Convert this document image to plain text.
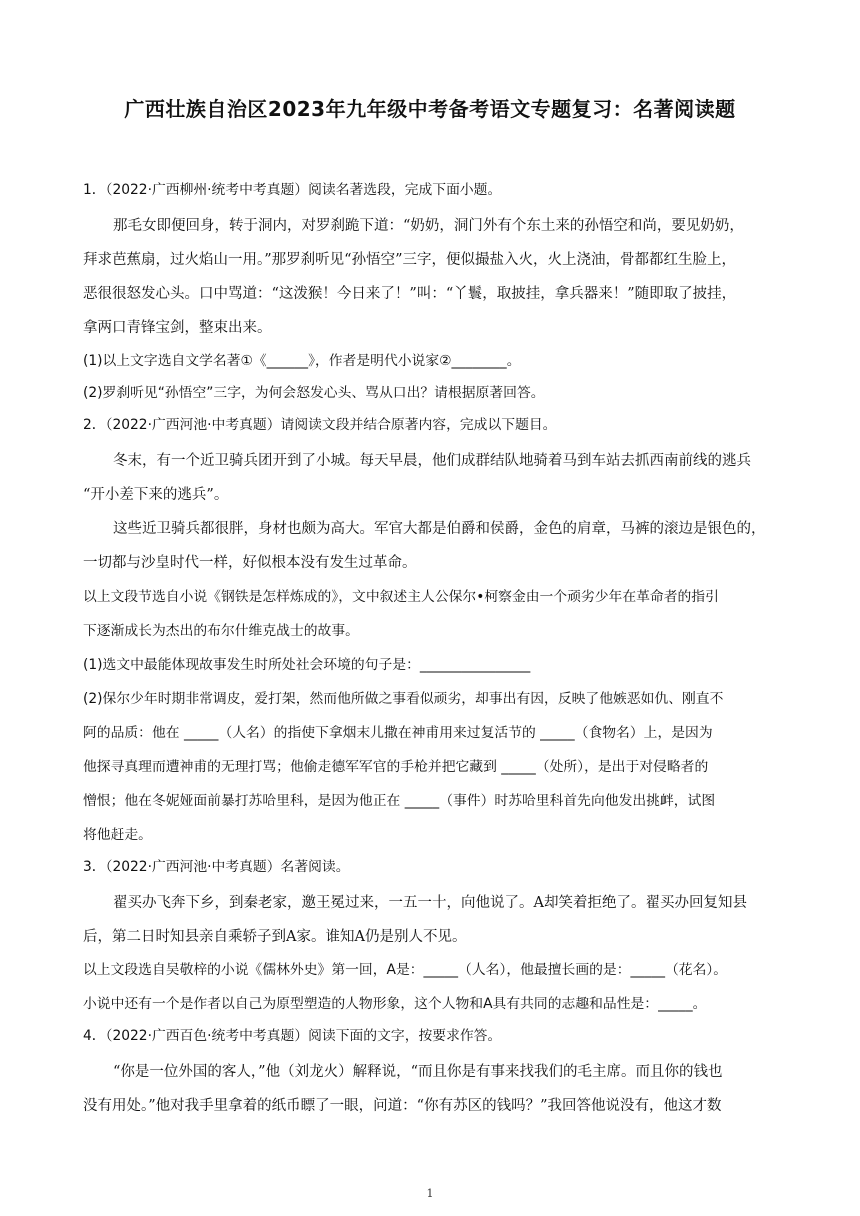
广西壮族自治区2023年九年级中考备考语文专题复习：名著阅读题
1．（2022·广西柳州·统考中考真题）阅读名著选段，完成下面小题。
那毛女即便回身，转于洞内，对罗刹跪下道：“奶奶，洞门外有个东土来的孙悟空和尚，要见奶奶，
拜求芭蕉扇，过火焰山一用。”那罗刹听见“孙悟空”三字，便似撮盐入火，火上浇油，骨都都红生脸上，
恶很很怒发心头。口中骂道：“这泼猴！今日来了！”叫：“丫鬟，取披挂，拿兵器来！”随即取了披挂，
拿两口青锋宝剑，整束出来。
(1)以上文字选自文学名著①《______》，作者是明代小说家②________。
(2)罗刹听见“孙悟空”三字，为何会怒发心头、骂从口出？请根据原著回答。
2．（2022·广西河池·中考真题）请阅读文段并结合原著内容，完成以下题目。
冬末，有一个近卫骑兵团开到了小城。每天早晨，他们成群结队地骑着马到车站去抓西南前线的逃兵
“开小差下来的逃兵”。
这些近卫骑兵都很胖，身材也颇为高大。军官大都是伯爵和侯爵，金色的肩章，马裤的滚边是银色的，
一切都与沙皇时代一样，好似根本没有发生过革命。
以上文段节选自小说《钢铁是怎样炼成的》，文中叙述主人公保尔•柯察金由一个顽劣少年在革命者的指引
下逐渐成长为杰出的布尔什维克战士的故事。
(1)选文中最能体现故事发生时所处社会环境的句子是：________________
(2)保尔少年时期非常调皮，爱打架，然而他所做之事看似顽劣，却事出有因，反映了他嫉恶如仇、刚直不
阿的品质：他在 _____（人名）的指使下拿烟末儿撒在神甫用来过复活节的 _____（食物名）上，是因为
他探寻真理而遭神甫的无理打骂；他偷走德军军官的手枪并把它藏到 _____（处所），是出于对侵略者的
憎恨；他在冬妮娅面前暴打苏哈里科，是因为他正在 _____（事件）时苏哈里科首先向他发出挑衅，试图
将他赶走。
3．（2022·广西河池·中考真题）名著阅读。
翟买办飞奔下乡，到秦老家，邀王冕过来，一五一十，向他说了。A却笑着拒绝了。翟买办回复知县
后，第二日时知县亲自乘轿子到A家。谁知A仍是别人不见。
以上文段选自吴敬梓的小说《儒林外史》第一回，A是：_____（人名），他最擅长画的是：_____（花名）。
小说中还有一个是作者以自己为原型塑造的人物形象，这个人物和A具有共同的志趣和品性是：_____。
4．（2022·广西百色·统考中考真题）阅读下面的文字，按要求作答。
“你是一位外国的客人，”他（刘龙火）解释说，“而且你是有事来找我们的毛主席。而且你的钱也
没有用处。”他对我手里拿着的纸币瞟了一眼，问道：“你有苏区的钱吗？”我回答他说没有，他这才数
1
